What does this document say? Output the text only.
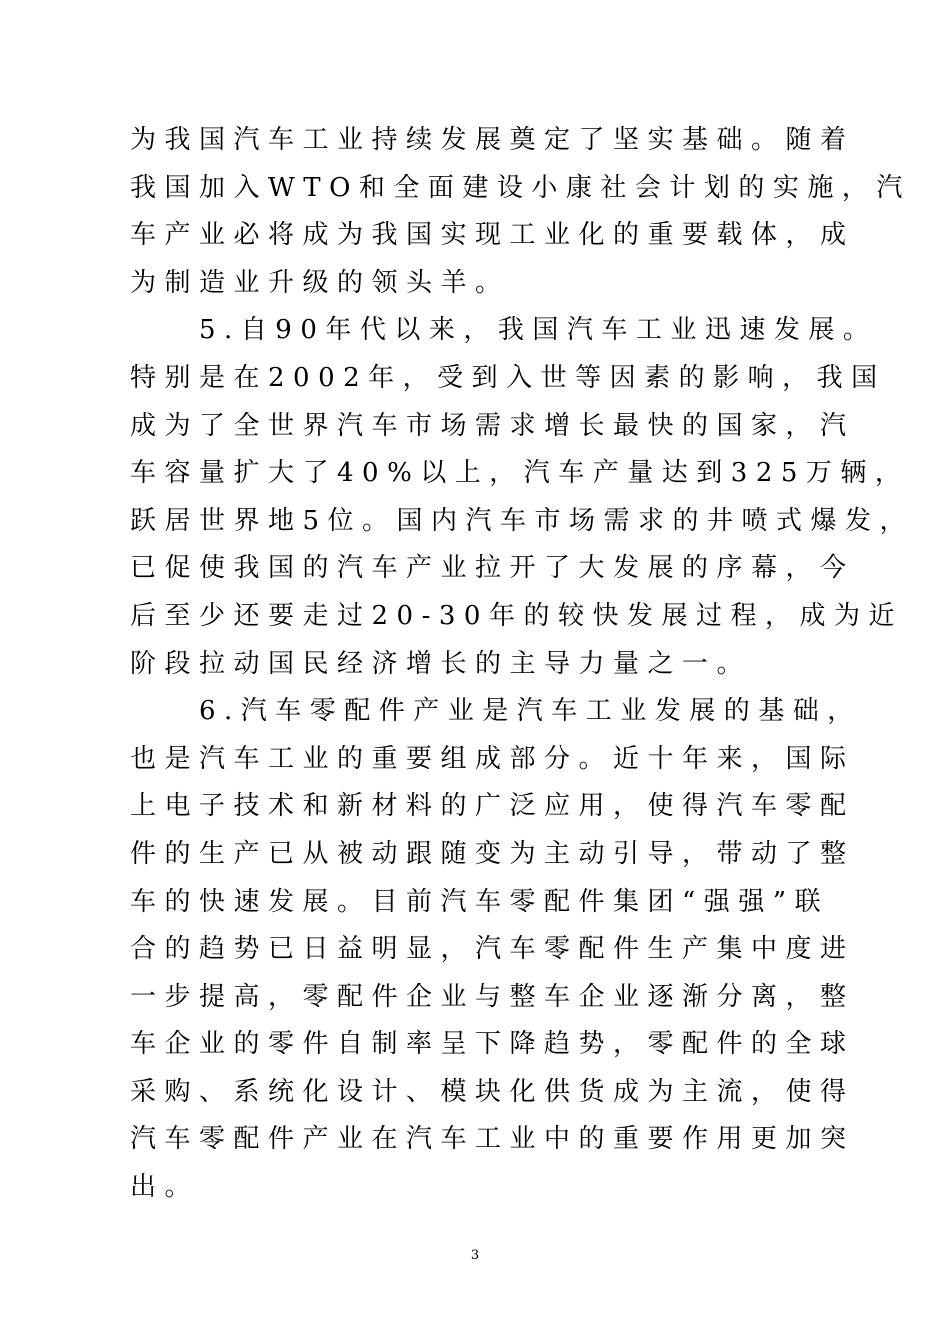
为我国汽车工业持续发展奠定了坚实基础。随着
我国加入WTO和全面建设小康社会计划的实施，汽
车产业必将成为我国实现工业化的重要载体，成
为制造业升级的领头羊。
　　5.自90年代以来，我国汽车工业迅速发展。
特别是在2002年，受到入世等因素的影响，我国
成为了全世界汽车市场需求增长最快的国家，汽
车容量扩大了40%以上，汽车产量达到325万辆，
跃居世界地5位。国内汽车市场需求的井喷式爆发，
已促使我国的汽车产业拉开了大发展的序幕，今
后至少还要走过20-30年的较快发展过程，成为近
阶段拉动国民经济增长的主导力量之一。
　　6.汽车零配件产业是汽车工业发展的基础，
也是汽车工业的重要组成部分。近十年来，国际
上电子技术和新材料的广泛应用，使得汽车零配
件的生产已从被动跟随变为主动引导，带动了整
车的快速发展。目前汽车零配件集团“强强”联
合的趋势已日益明显，汽车零配件生产集中度进
一步提高，零配件企业与整车企业逐渐分离，整
车企业的零件自制率呈下降趋势，零配件的全球
采购、系统化设计、模块化供货成为主流，使得
汽车零配件产业在汽车工业中的重要作用更加突
出。
3
